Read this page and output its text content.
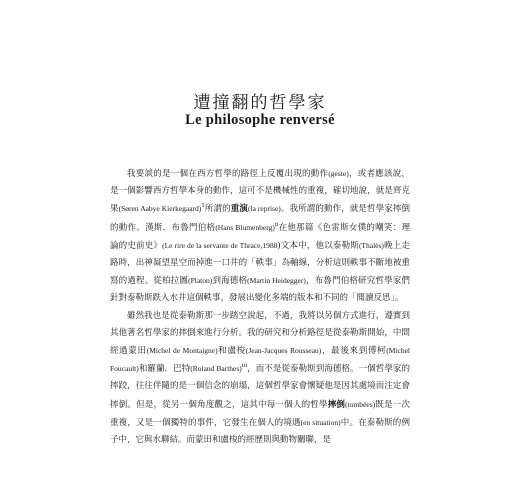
遭撞翻的哲學家
Le philosophe renversé

我要談的是一個在西方哲學的路徑上反覆出現的動作(geste)，或者應該說，是一個影響西方哲學本身的動作，這可不是機械性的重複，確切地說，就是齊克果(Søren Aabye Kierkegaard)$^1$所謂的重演(la reprise)。我所謂的動作，就是哲學家摔倒的動作。漢斯．布魯門伯格(Hans Blumenberg)$^{ii}$在他那篇《色雷斯女僕的嘲笑：理論的史前史》(Le rire de la servante de Thrace,1988)文本中，他以泰勒斯(Thalès)晚上走路時，出神凝望星空而掉進一口井的「軼事」為軸線，分析這則軼事不斷地被重寫的過程。從柏拉圖(Platon)到海德格(Martin Heidegger)，布魯門伯格研究哲學家們針對泰勒斯跌入水井這個軼事，發展出變化多端的版本和不同的「閱讀反思」。

雖然我也是從泰勒斯那一步踏空說起，不過，我將以另個方式進行，遵實到其他著名哲學家的摔倒來進行分析。我的研究和分析路徑是從泰勒斯開始，中間經過蒙田(Michel de Montaigne)和盧梭(Jean-Jacques Rousseau)，最後來到傅柯(Michel Foucault)和羅蘭．巴特(Roland Barthes)$^{iii}$，而不是從泰勒斯到海德格。一個哲學家的摔跤，往往伴隨的是一個信念的崩塌，這個哲學家會懷疑他是因其處境而注定會摔倒。但是，從另一個角度觀之，這其中每一個人的哲學摔倒(tombées)既是一次重複，又是一個獨特的事件，它發生在個人的境遇(en situation)中。在泰勒斯的例子中，它與水聯結。而蒙田和盧梭的經歷則與動物關聯，是
